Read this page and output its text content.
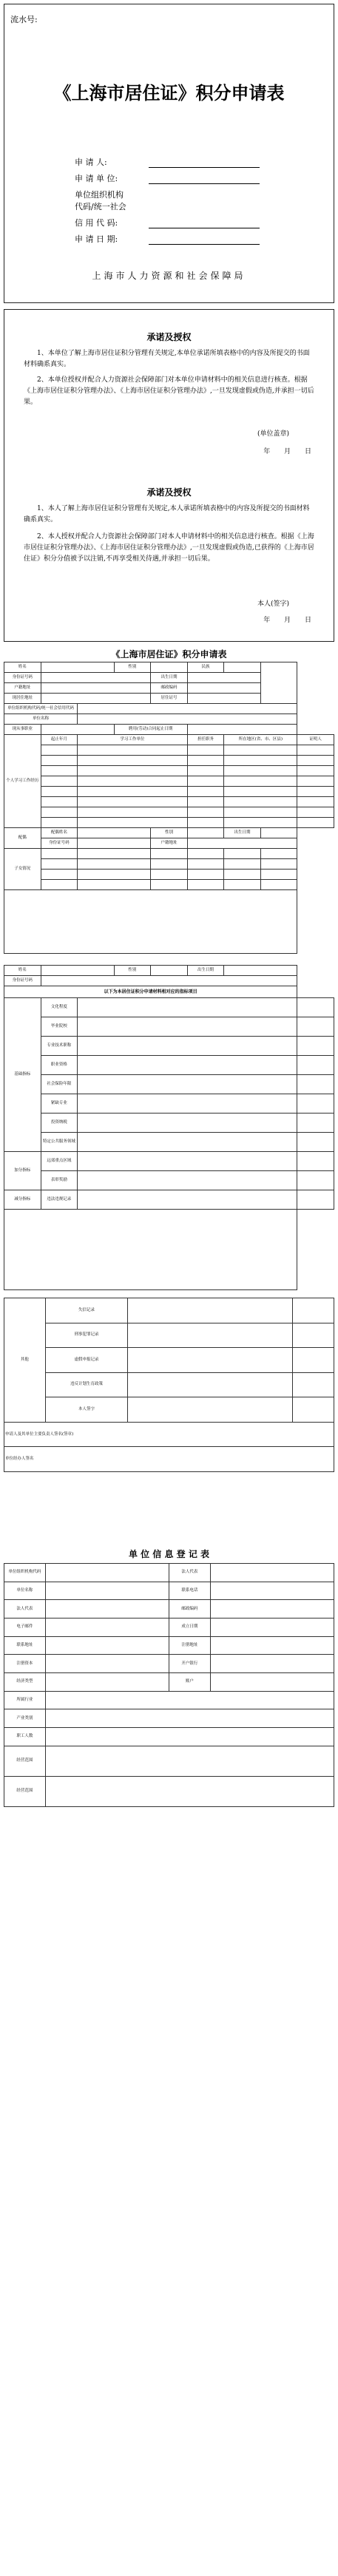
流水号:
《上海市居住证》积分申请表
申 请 人:
申 请 单 位:
单位组织机构
代码/统一社会
信 用 代 码:
申 请 日 期:
上海市人力资源和社会保障局
承诺及授权
1、本单位了解上海市居住证积分管理有关规定,本单位承诺所填表格中的内容及所提交的书面材料确系真实。
2、本单位授权并配合人力资源社会保障部门对本单位申请材料中的相关信息进行核查。根据《上海市居住证积分管理办法》、《上海市居住证积分管理办法》,一旦发现虚假或伪造,并承担一切后果。
(单位盖章)
年 月 日
承诺及授权
1、本人了解上海市居住证积分管理有关规定,本人承诺所填表格中的内容及所提交的书面材料确系真实。
2、本人授权并配合人力资源社会保障部门对本人申请材料中的相关信息进行核查。根据《上海市居住证积分管理办法》、《上海市居住证积分管理办法》,一旦发现虚假或伪造,已获得的《上海市居住证》积分分值被予以注销,不再享受相关待遇,并承担一切后果。
本人(签字)
年 月 日
《上海市居住证》积分申请表
姓名			性别		民族			
身份证号码				出生日期				
户籍地址				邮政编码				
现居住地址				居住证号				
单位组织机构代码/统一社会信用代码								
单位名称								
现从事职业			聘用(劳动)合同起止日期					
个人学习工作经历	起止年月	学习工作单位			担任职务	所在地区(省、市、区县)		证明人

配偶	配偶姓名			性别		出生日期		
	身份证号码			户籍地址				
子女情况								

姓名			性别		出生日期		
身份证号码							
以下为本居住证积分申请材料相对应的指标项目							
基础指标	文化程度						
	毕业院校						
	专业技术职称						
	职业资格						
	社会保险年限						
	紧缺专业						
	投资纳税						
	特定公共服务领域						
加分指标	远郊重点区域						
	表彰奖励						
减分指标	违法违规记录						

其他	失信记录		
	刑事犯罪记录		
	虚假申报记录		
	违反计划生育政策		
	本人签字		
申请人及其单位主要负责人签名(签章)			
单位经办人签名			
单 位 信 息 登 记 表
单位组织机构代码		法人代表	
单位名称		联系电话	
法人代表		邮政编码	
电子邮件		成立日期	
联系地址		注册地址	
注册资本		开户银行	
经济类型		账户	
所属行业			
产业类别			
职工人数			
经营范围			
经营范围			
